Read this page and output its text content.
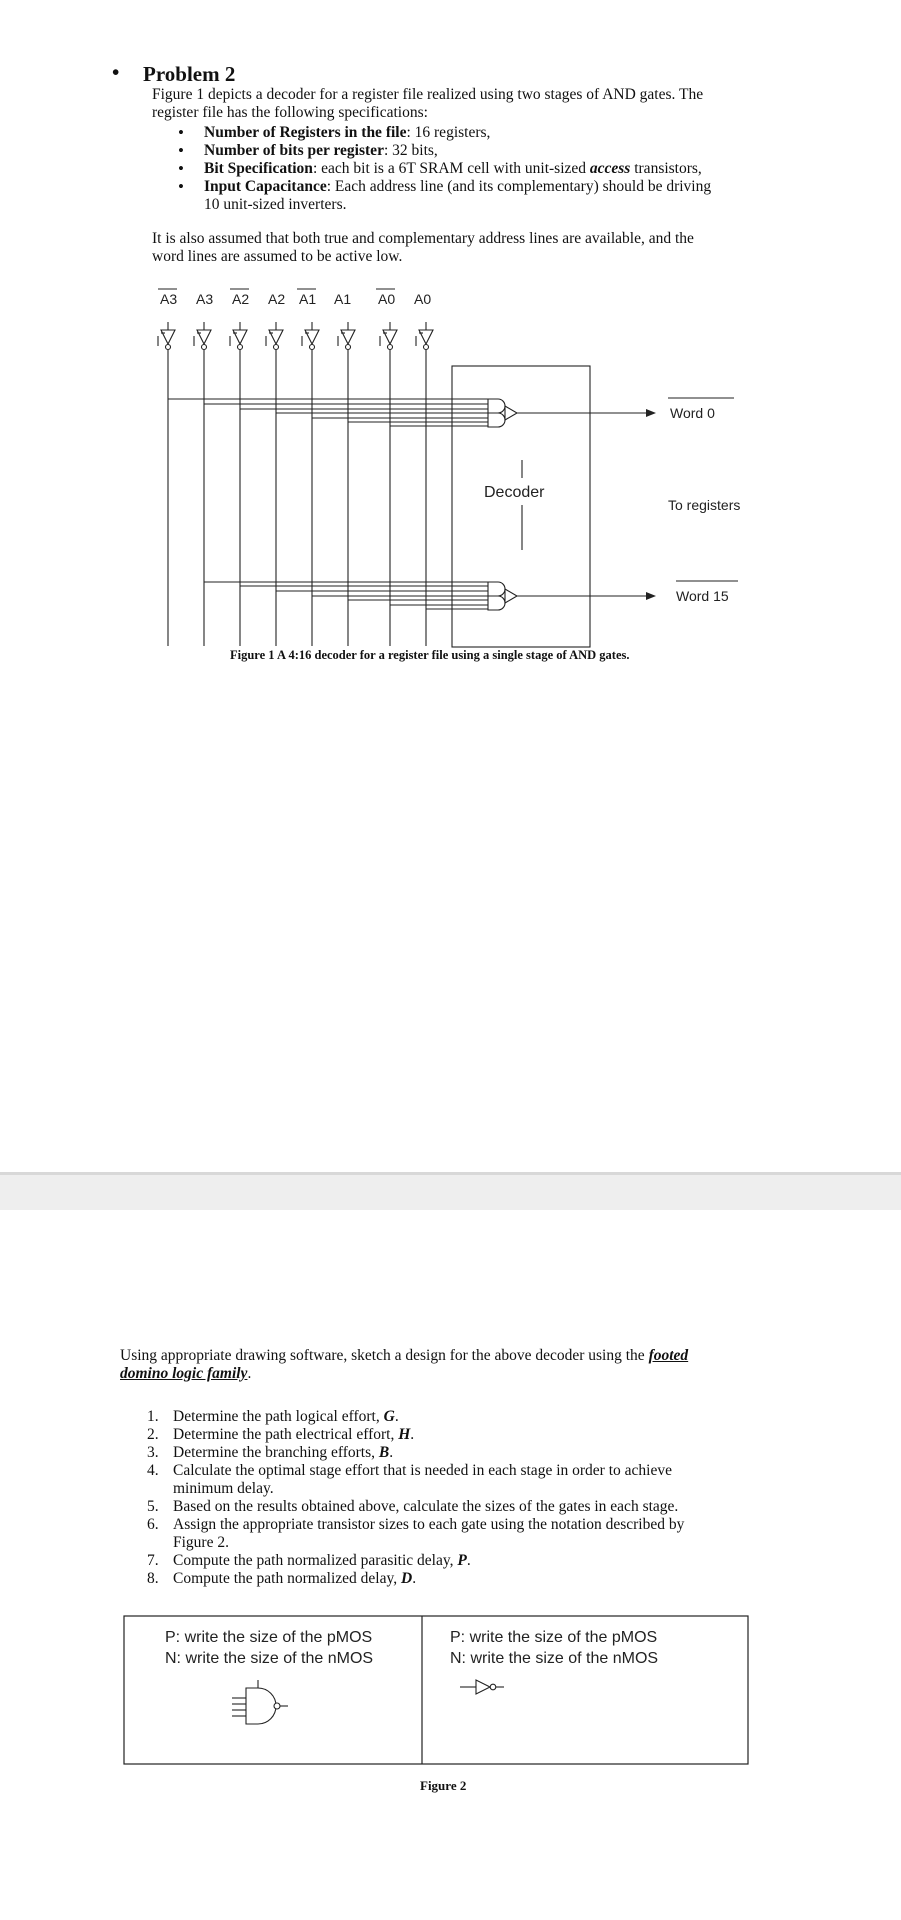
• Problem 2
Figure 1 depicts a decoder for a register file realized using two stages of AND gates. The
register file has the following specifications:
• Number of Registers in the file: 16 registers,
• Number of bits per register: 32 bits,
• Bit Specification: each bit is a 6T SRAM cell with unit-sized access transistors,
• Input Capacitance: Each address line (and its complementary) should be driving
10 unit-sized inverters.
It is also assumed that both true and complementary address lines are available, and the
word lines are assumed to be active low.
A3 A3 A2 A2 A1 A1 A0 A0
Decoder
Word 0
To registers
Word 15
Figure 1 A 4:16 decoder for a register file using a single stage of AND gates.
Using appropriate drawing software, sketch a design for the above decoder using the footed
domino logic family.
1. Determine the path logical effort, G.
2. Determine the path electrical effort, H.
3. Determine the branching efforts, B.
4. Calculate the optimal stage effort that is needed in each stage in order to achieve
minimum delay.
5. Based on the results obtained above, calculate the sizes of the gates in each stage.
6. Assign the appropriate transistor sizes to each gate using the notation described by
Figure 2.
7. Compute the path normalized parasitic delay, P.
8. Compute the path normalized delay, D.
P: write the size of the pMOS
N: write the size of the nMOS
P: write the size of the pMOS
N: write the size of the nMOS
Figure 2
